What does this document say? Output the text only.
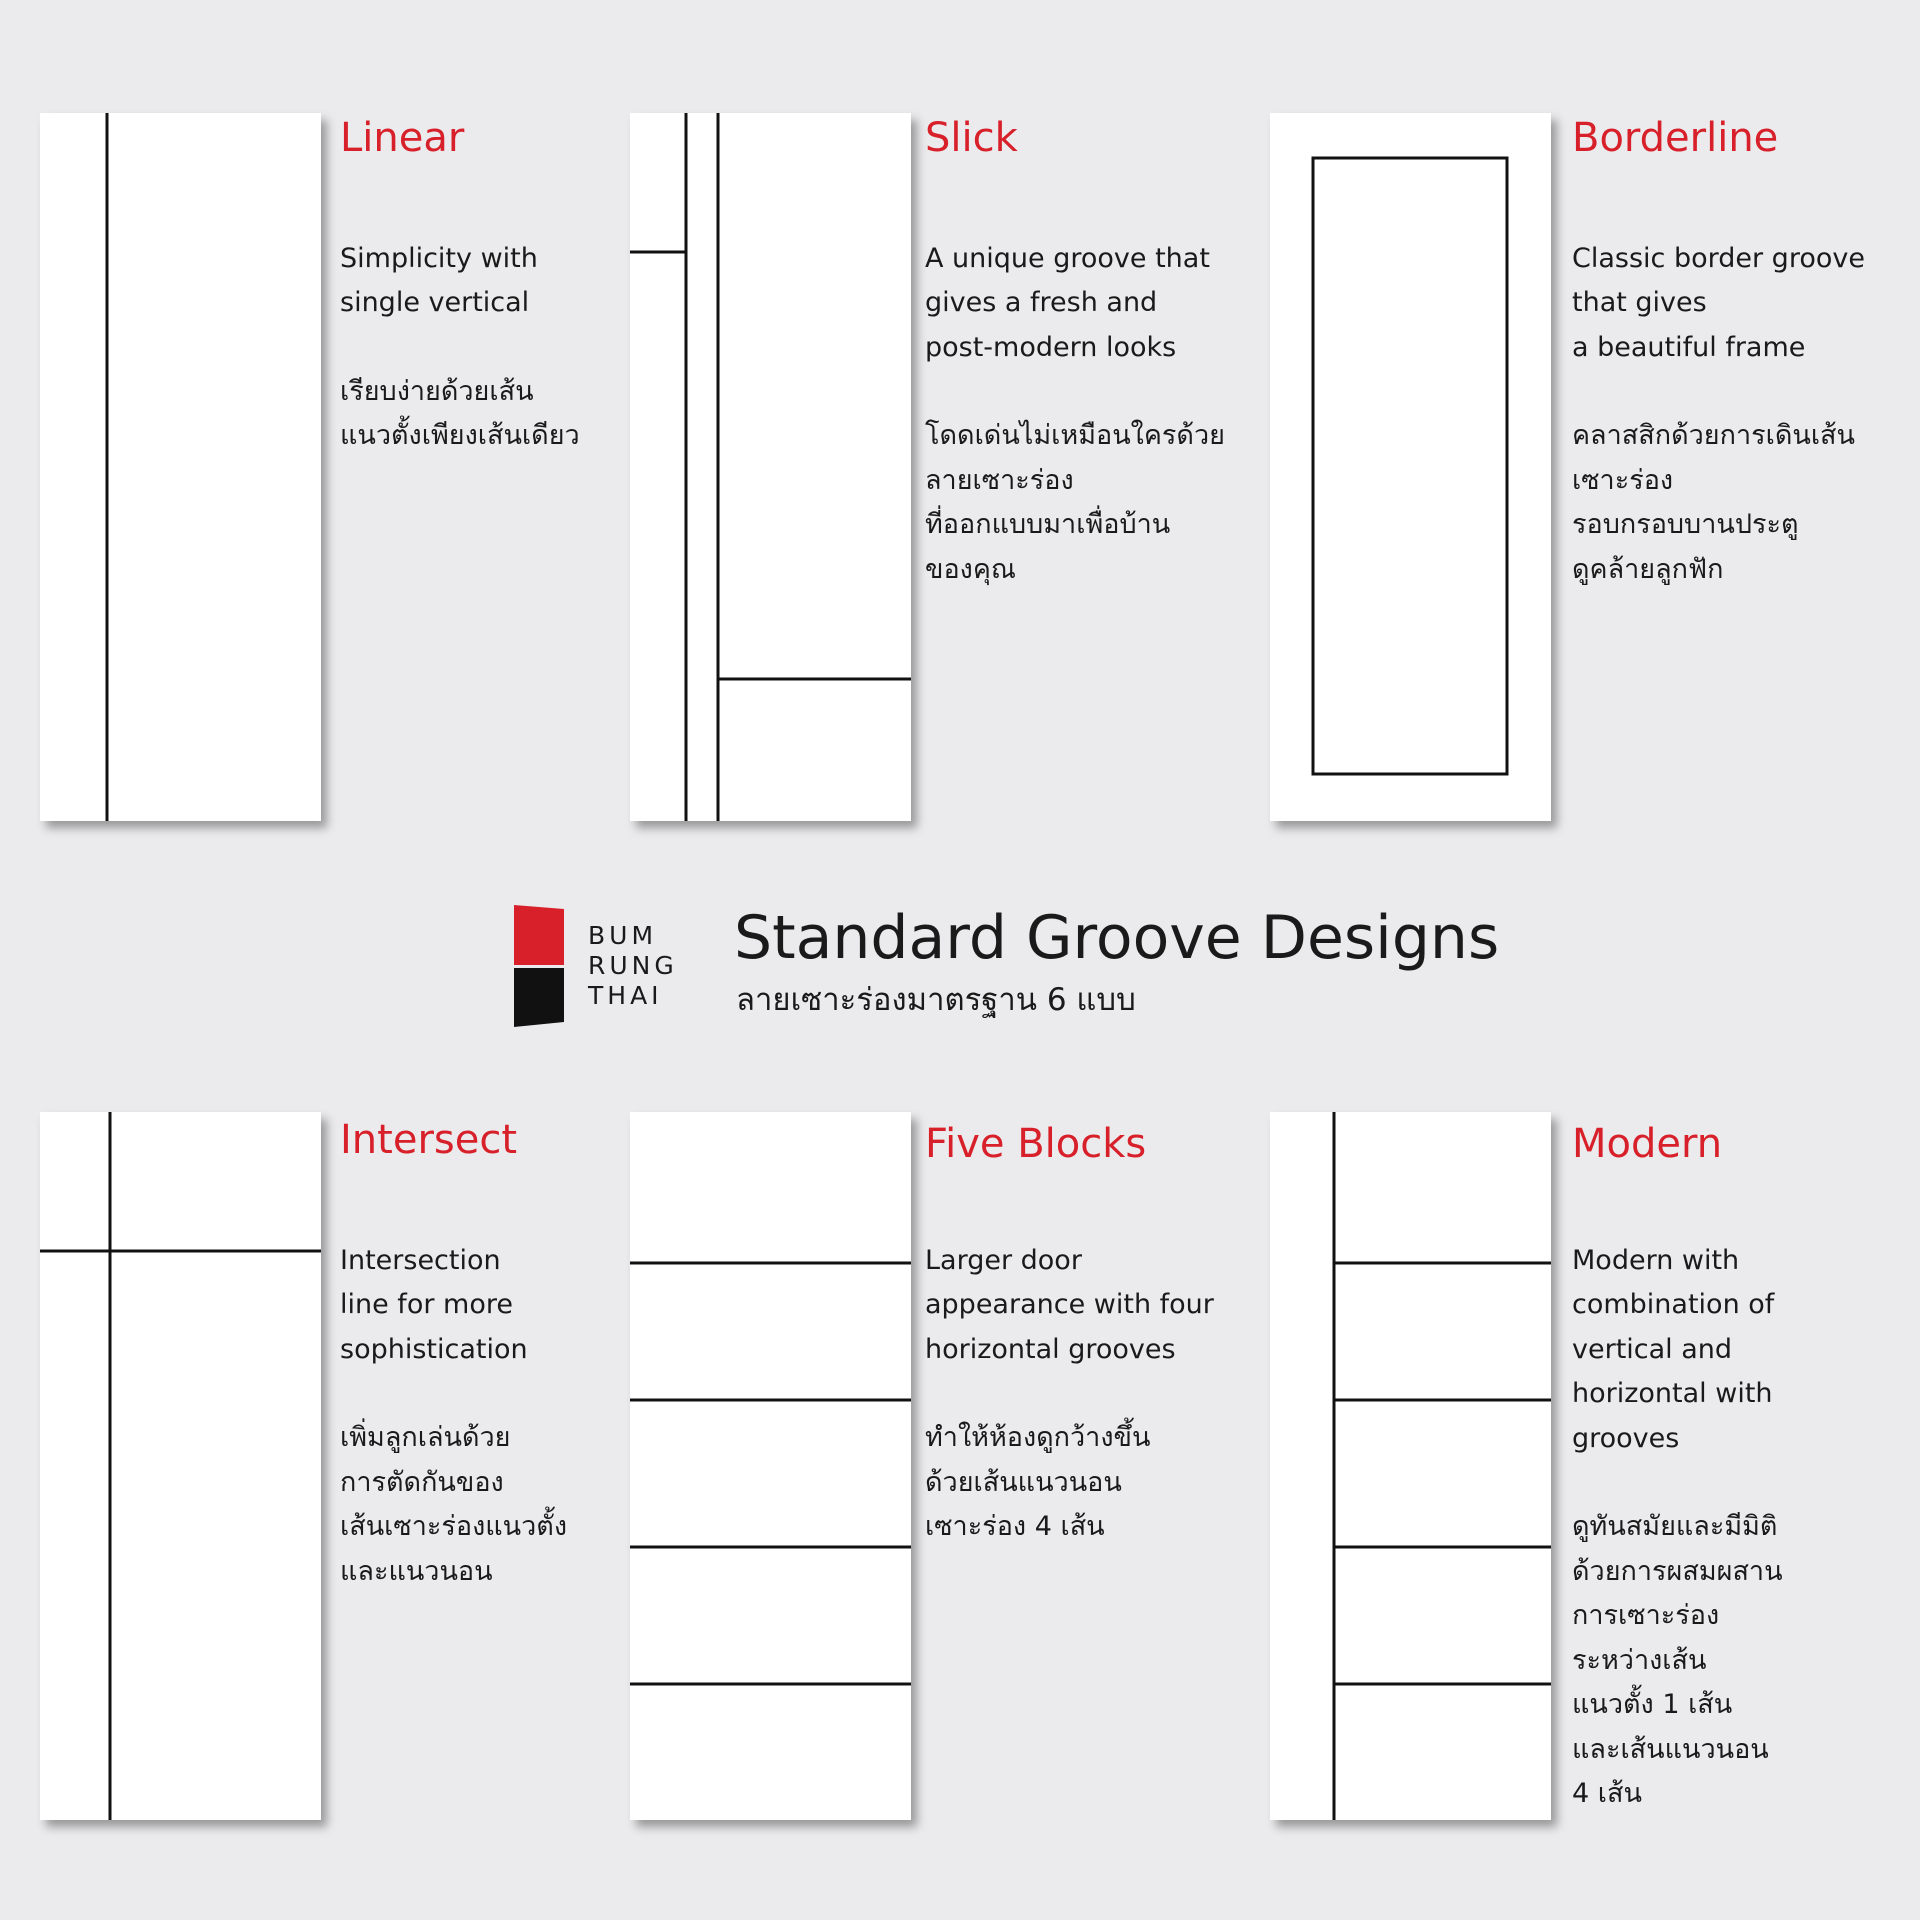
Linear

Simplicity with
single vertical

เรียบง่ายด้วยเส้น
แนวตั้งเพียงเส้นเดียว

Slick

A unique groove that
gives a fresh and
post-modern looks

โดดเด่นไม่เหมือนใครด้วย
ลายเซาะร่อง
ที่ออกแบบมาเพื่อบ้าน
ของคุณ

Borderline

Classic border groove
that gives
a beautiful frame

คลาสสิกด้วยการเดินเส้น
เซาะร่อง
รอบกรอบบานประตู
ดูคล้ายลูกฟัก

BUM
RUNG
THAI
Standard Groove Designs
ลายเซาะร่องมาตรฐาน 6 แบบ
Intersect

Intersection
line for more
sophistication

เพิ่มลูกเล่นด้วย
การตัดกันของ
เส้นเซาะร่องแนวตั้ง
และแนวนอน

Five Blocks

Larger door
appearance with four
horizontal grooves

ทำให้ห้องดูกว้างขึ้น
ด้วยเส้นแนวนอน
เซาะร่อง 4 เส้น

Modern

Modern with
combination of
vertical and
horizontal with
grooves

ดูทันสมัยและมีมิติ
ด้วยการผสมผสาน
การเซาะร่อง
ระหว่างเส้น
แนวตั้ง 1 เส้น
และเส้นแนวนอน
4 เส้น
